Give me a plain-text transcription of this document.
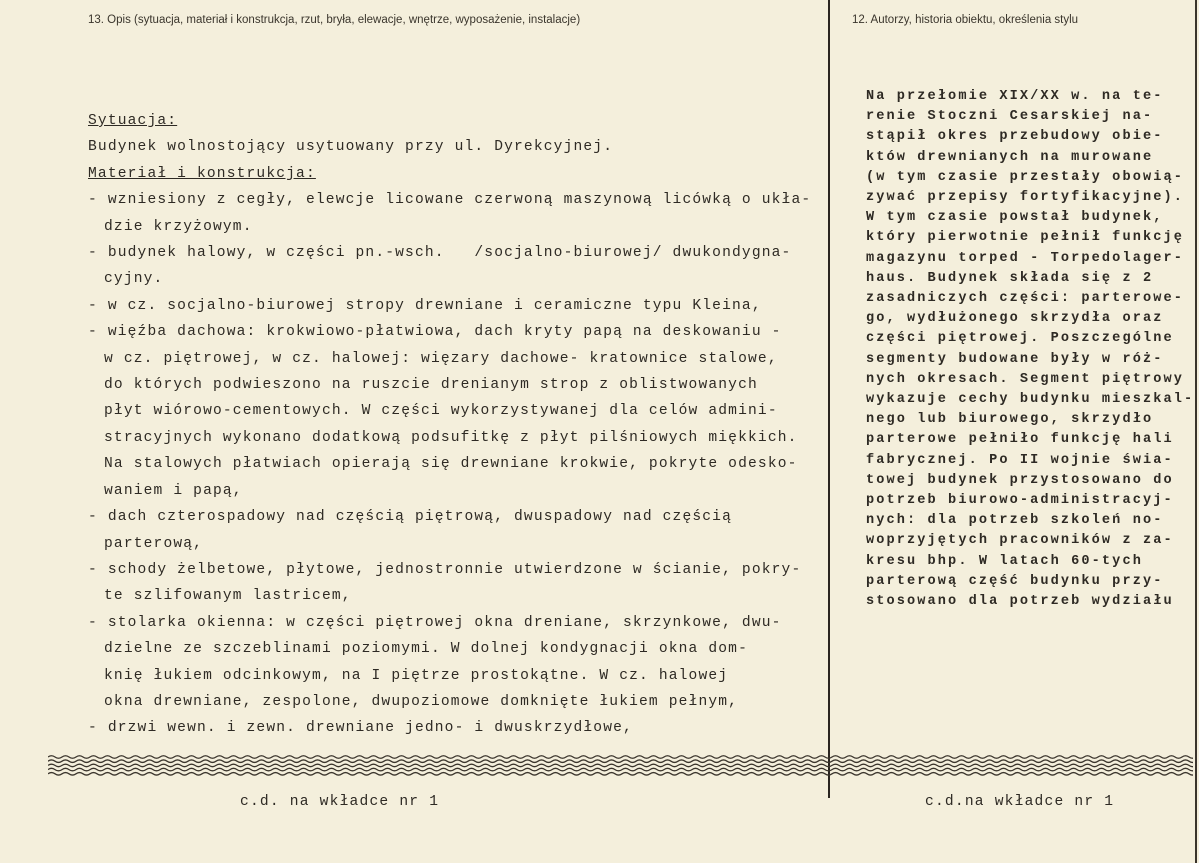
13. Opis (sytuacja, materiał i konstrukcja, rzut, bryła, elewacje, wnętrze, wyposażenie, instalacje)	12. Autorzy, historia obiektu, określenia stylu
Sytuacja:
Budynek wolnostojący usytuowany przy ul. Dyrekcyjnej.
Materiał i konstrukcja:
- wzniesiony z cegły, elewcje licowane czerwoną maszynową licówką o ukła-
dzie krzyżowym.
- budynek halowy, w części pn.-wsch.   /socjalno-biurowej/ dwukondygna-
cyjny.
- w cz. socjalno-biurowej stropy drewniane i ceramiczne typu Kleina,
- więźba dachowa: krokwiowo-płatwiowa, dach kryty papą na deskowaniu -
w cz. piętrowej, w cz. halowej: więzary dachowe- kratownice stalowe,
do których podwieszono na ruszcie drenianym strop z oblistwowanych
płyt wiórowo-cementowych. W części wykorzystywanej dla celów admini-
stracyjnych wykonano dodatkową podsufitkę z płyt pilśniowych miękkich.
Na stalowych płatwiach opierają się drewniane krokwie, pokryte odesko-
waniem i papą,
- dach czterospadowy nad częścią piętrową, dwuspadowy nad częścią
parterową,
- schody żelbetowe, płytowe, jednostronnie utwierdzone w ścianie, pokry-
te szlifowanym lastricem,
- stolarka okienna: w części piętrowej okna dreniane, skrzynkowe, dwu-
dzielne ze szczeblinami poziomymi. W dolnej kondygnacji okna dom-
knię łukiem odcinkowym, na I piętrze prostokątne. W cz. halowej
okna drewniane, zespolone, dwupoziomowe domknięte łukiem pełnym,
- drzwi wewn. i zewn. drewniane jedno- i dwuskrzydłowe,
Na przełomie XIX/XX w. na te-
renie Stoczni Cesarskiej na-
stąpił okres przebudowy obie-
któw drewnianych na murowane
(w tym czasie przestały obowią-
zywać przepisy fortyfikacyjne).
W tym czasie powstał budynek,
który pierwotnie pełnił funkcję
magazynu torped - Torpedolager-
haus. Budynek składa się z 2
zasadniczych części: parterowe-
go, wydłużonego skrzydła oraz
części piętrowej. Poszczególne
segmenty budowane były w róż-
nych okresach. Segment piętrowy
wykazuje cechy budynku mieszkal-
nego lub biurowego, skrzydło
parterowe pełniło funkcję hali
fabrycznej. Po II wojnie świa-
towej budynek przystosowano do
potrzeb biurowo-administracyj-
nych: dla potrzeb szkoleń no-
woprzyjętych pracowników z za-
kresu bhp. W latach 60-tych
parterową część budynku przy-
stosowano dla potrzeb wydziału
c.d. na wkładce nr 1	c.d.na wkładce nr 1
